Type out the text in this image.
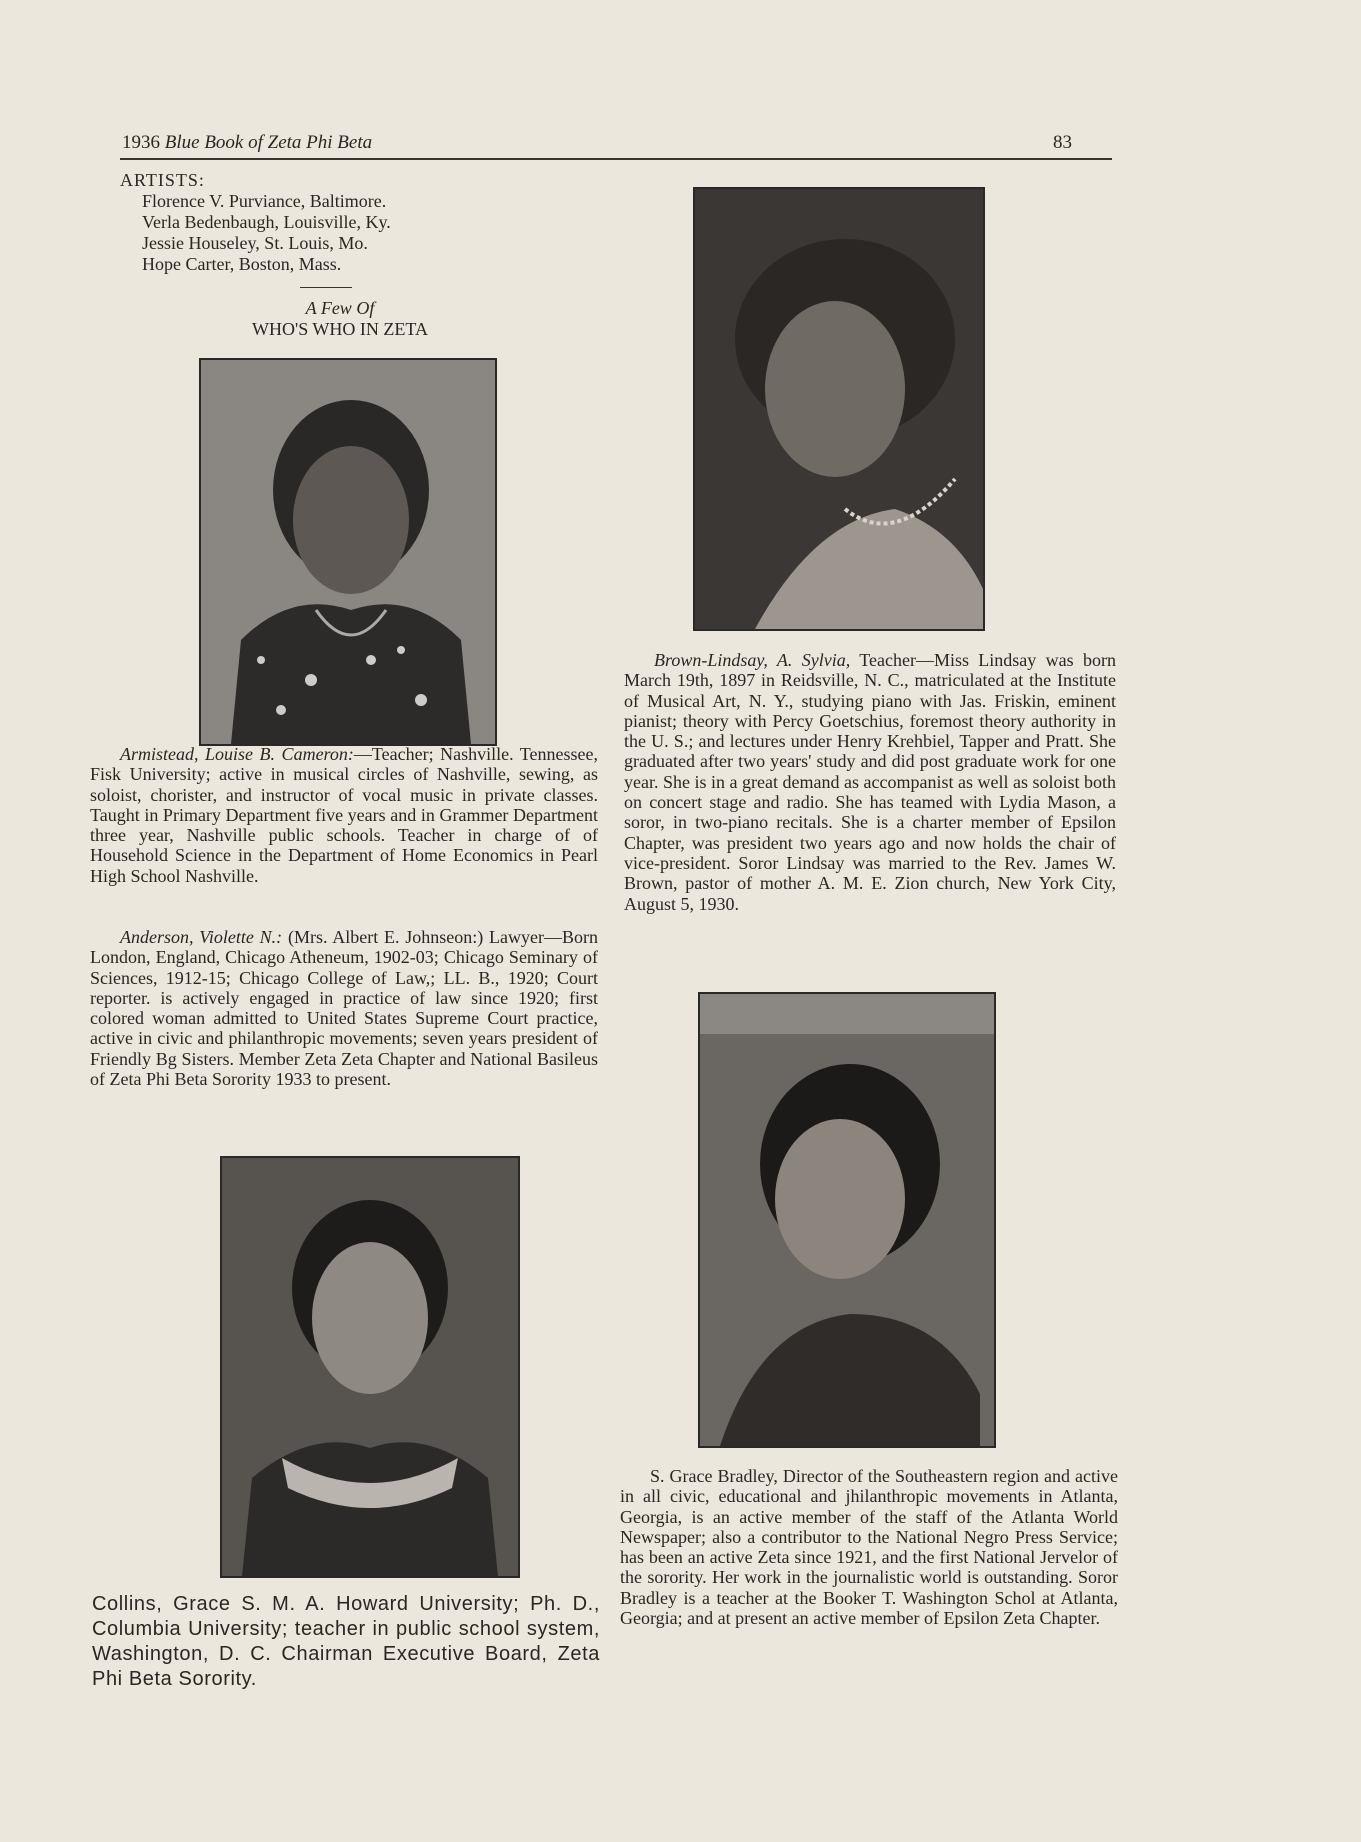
1936 Blue Book of Zeta Phi Beta	83
ARTISTS:
Florence V. Purviance, Baltimore.
Verla Bedenbaugh, Louisville, Ky.
Jessie Houseley, St. Louis, Mo.
Hope Carter, Boston, Mass.
A Few Of
WHO'S WHO IN ZETA

Armistead, Louise B. Cameron:—Teacher; Nashville. Tennessee, Fisk University; active in musical circles of Nashville, sewing, as soloist, chorister, and instructor of vocal music in private classes. Taught in Primary Department five years and in Grammer Department three year, Nashville public schools. Teacher in charge of of Household Science in the Department of Home Economics in Pearl High School Nashville.

Anderson, Violette N.: (Mrs. Albert E. Johnseon:) Lawyer—Born London, England, Chicago Atheneum, 1902-03; Chicago Seminary of Sciences, 1912-15; Chicago College of Law,; LL. B., 1920; Court reporter. is actively engaged in practice of law since 1920; first colored woman admitted to United States Supreme Court practice, active in civic and philanthropic movements; seven years president of Friendly Bg Sisters. Member Zeta Zeta Chapter and National Basileus of Zeta Phi Beta Sorority 1933 to present.

Collins, Grace S. M. A. Howard University; Ph. D., Columbia University; teacher in public school system, Washington, D. C. Chairman Executive Board, Zeta Phi Beta Sorority.

Brown-Lindsay, A. Sylvia, Teacher—Miss Lindsay was born March 19th, 1897 in Reidsville, N. C., matriculated at the Institute of Musical Art, N. Y., studying piano with Jas. Friskin, eminent pianist; theory with Percy Goetschius, foremost theory authority in the U. S.; and lectures under Henry Krehbiel, Tapper and Pratt. She graduated after two years' study and did post graduate work for one year. She is in a great demand as accompanist as well as soloist both on concert stage and radio. She has teamed with Lydia Mason, a soror, in two-piano recitals. She is a charter member of Epsilon Chapter, was president two years ago and now holds the chair of vice-president. Soror Lindsay was married to the Rev. James W. Brown, pastor of mother A. M. E. Zion church, New York City, August 5, 1930.

S. Grace Bradley, Director of the Southeastern region and active in all civic, educational and jhilanthropic movements in Atlanta, Georgia, is an active member of the staff of the Atlanta World Newspaper; also a contributor to the National Negro Press Service; has been an active Zeta since 1921, and the first National Jervelor of the sorority. Her work in the journalistic world is outstanding. Soror Bradley is a teacher at the Booker T. Washington Schol at Atlanta, Georgia; and at present an active member of Epsilon Zeta Chapter.
